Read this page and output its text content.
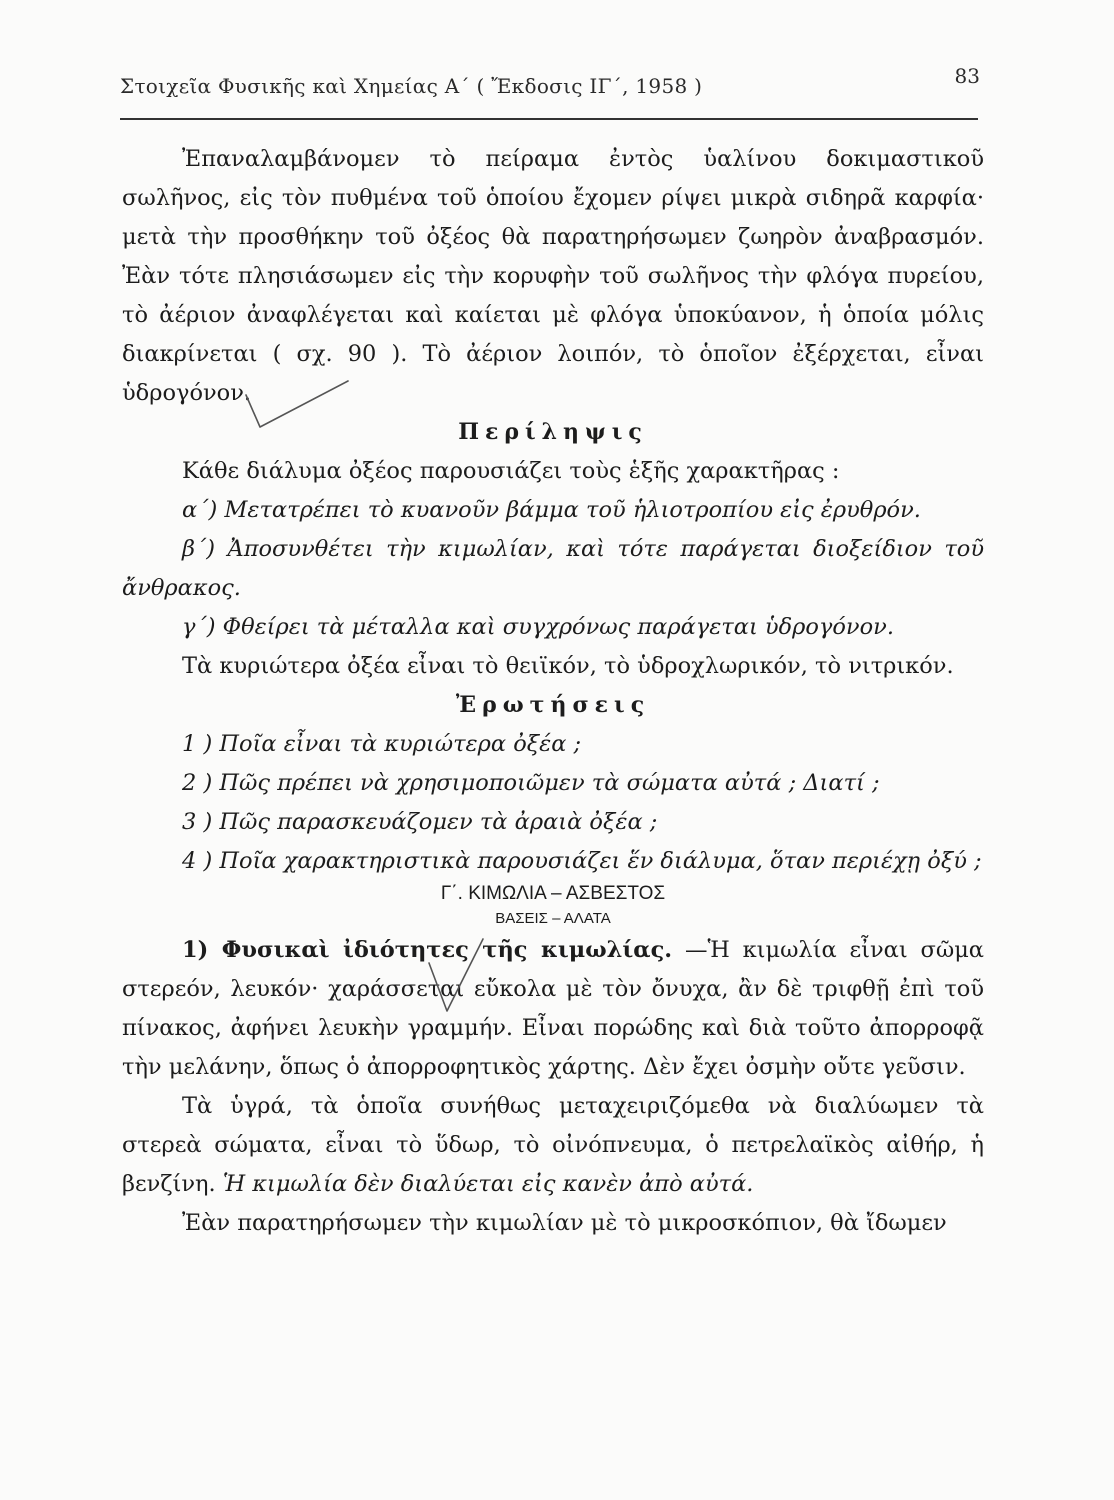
Στοιχεῖα Φυσικῆς καὶ Χημείας Α΄ ( Ἔκδοσις ΙΓ΄, 1958 )	83

Ἐπαναλαμβάνομεν τὸ πείραμα ἐντὸς ὑαλίνου δοκιμαστικοῦ σωλῆνος, εἰς τὸν πυθμένα τοῦ ὁποίου ἔχομεν ρίψει μικρὰ σιδηρᾶ καρφία· μετὰ τὴν προσθήκην τοῦ ὀξέος θὰ παρατηρήσωμεν ζωηρὸν ἀναβρασμόν. Ἐὰν τότε πλησιάσωμεν εἰς τὴν κορυφὴν τοῦ σωλῆνος τὴν φλόγα πυρείου, τὸ ἀέριον ἀναφλέγεται καὶ καίεται μὲ φλόγα ὑποκύανον, ἡ ὁποία μόλις διακρίνεται ( σχ. 90 ). Τὸ ἀέριον λοιπόν, τὸ ὁποῖον ἐξέρχεται, εἶναι ὑδρογόνον.

Περίληψις

Κάθε διάλυμα ὀξέος παρουσιάζει τοὺς ἑξῆς χαρακτῆρας :

α΄) Μετατρέπει τὸ κυανοῦν βάμμα τοῦ ἡλιοτροπίου εἰς ἐρυθρόν.

β΄) Ἀποσυνθέτει τὴν κιμωλίαν, καὶ τότε παράγεται διοξείδιον τοῦ ἄνθρακος.

γ΄) Φθείρει τὰ μέταλλα καὶ συγχρόνως παράγεται ὑδρογόνον.

Τὰ κυριώτερα ὀξέα εἶναι τὸ θειϊκόν, τὸ ὑδροχλωρικόν, τὸ νιτρικόν.

Ἐρωτήσεις

1 ) Ποῖα εἶναι τὰ κυριώτερα ὀξέα ;

2 ) Πῶς πρέπει νὰ χρησιμοποιῶμεν τὰ σώματα αὐτά ; Διατί ;

3 ) Πῶς παρασκευάζομεν τὰ ἀραιὰ ὀξέα ;

4 ) Ποῖα χαρακτηριστικὰ παρουσιάζει ἕν διάλυμα, ὅταν περιέχῃ ὀξύ ;

Γ΄. ΚΙΜΩΛΙΑ – ΑΣΒΕΣΤΟΣ

ΒΑΣΕΙΣ – ΑΛΑΤΑ

1) Φυσικαὶ ἰδιότητες τῆς κιμωλίας. —Ἡ κιμωλία εἶναι σῶμα στερεόν, λευκόν· χαράσσεται εὔκολα μὲ τὸν ὄνυχα, ἂν δὲ τριφθῇ ἐπὶ τοῦ πίνακος, ἀφήνει λευκὴν γραμμήν. Εἶναι πορώδης καὶ διὰ τοῦτο ἀπορροφᾷ τὴν μελάνην, ὅπως ὁ ἀπορροφητικὸς χάρτης. Δὲν ἔχει ὀσμὴν οὔτε γεῦσιν.

Τὰ ὑγρά, τὰ ὁποῖα συνήθως μεταχειριζόμεθα νὰ διαλύωμεν τὰ στερεὰ σώματα, εἶναι τὸ ὕδωρ, τὸ οἰνόπνευμα, ὁ πετρελαϊκὸς αἰθήρ, ἡ βενζίνη. Ἡ κιμωλία δὲν διαλύεται εἰς κανὲν ἀπὸ αὐτά.

Ἐὰν παρατηρήσωμεν τὴν κιμωλίαν μὲ τὸ μικροσκόπιον, θὰ ἴδωμεν
